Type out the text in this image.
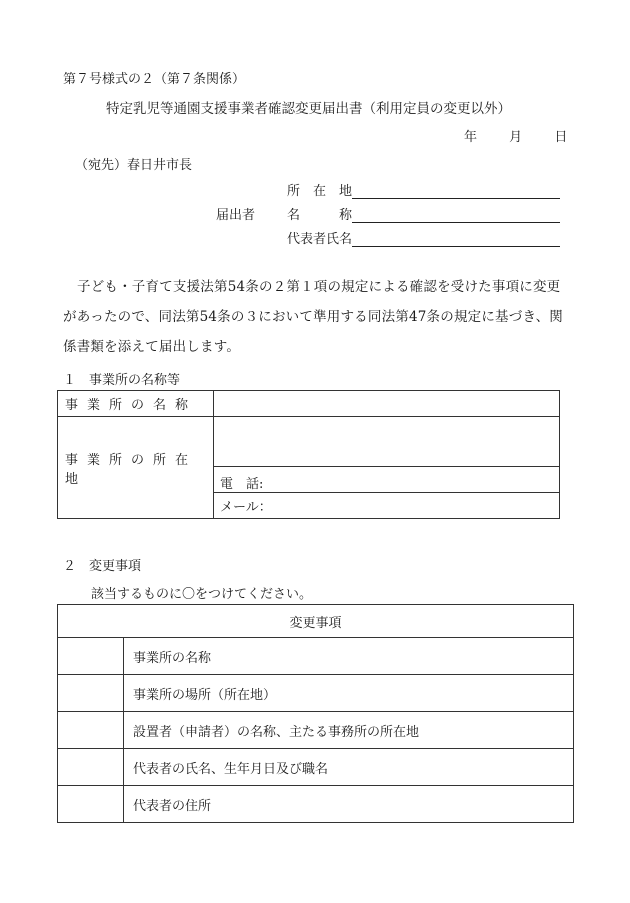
第７号様式の２（第７条関係）
特定乳児等通園支援事業者確認変更届出書（利用定員の変更以外）
年 月 日
（宛先）春日井市長
届出者
所　在　地
名　　　称
代表者氏名
子ども・子育て支援法第54条の２第１項の規定による確認を受けた事項に変更があったので、同法第54条の３において準用する同法第47条の規定に基づき、関係書類を添えて届出します。
１　事業所の名称等
事業所の名称	
事業所の所在地	
	電　話:
	メール：
２　変更事項
該当するものに〇をつけてください。
変更事項	
	事業所の名称
	事業所の場所（所在地）
	設置者（申請者）の名称、主たる事務所の所在地
	代表者の氏名、生年月日及び職名
	代表者の住所
